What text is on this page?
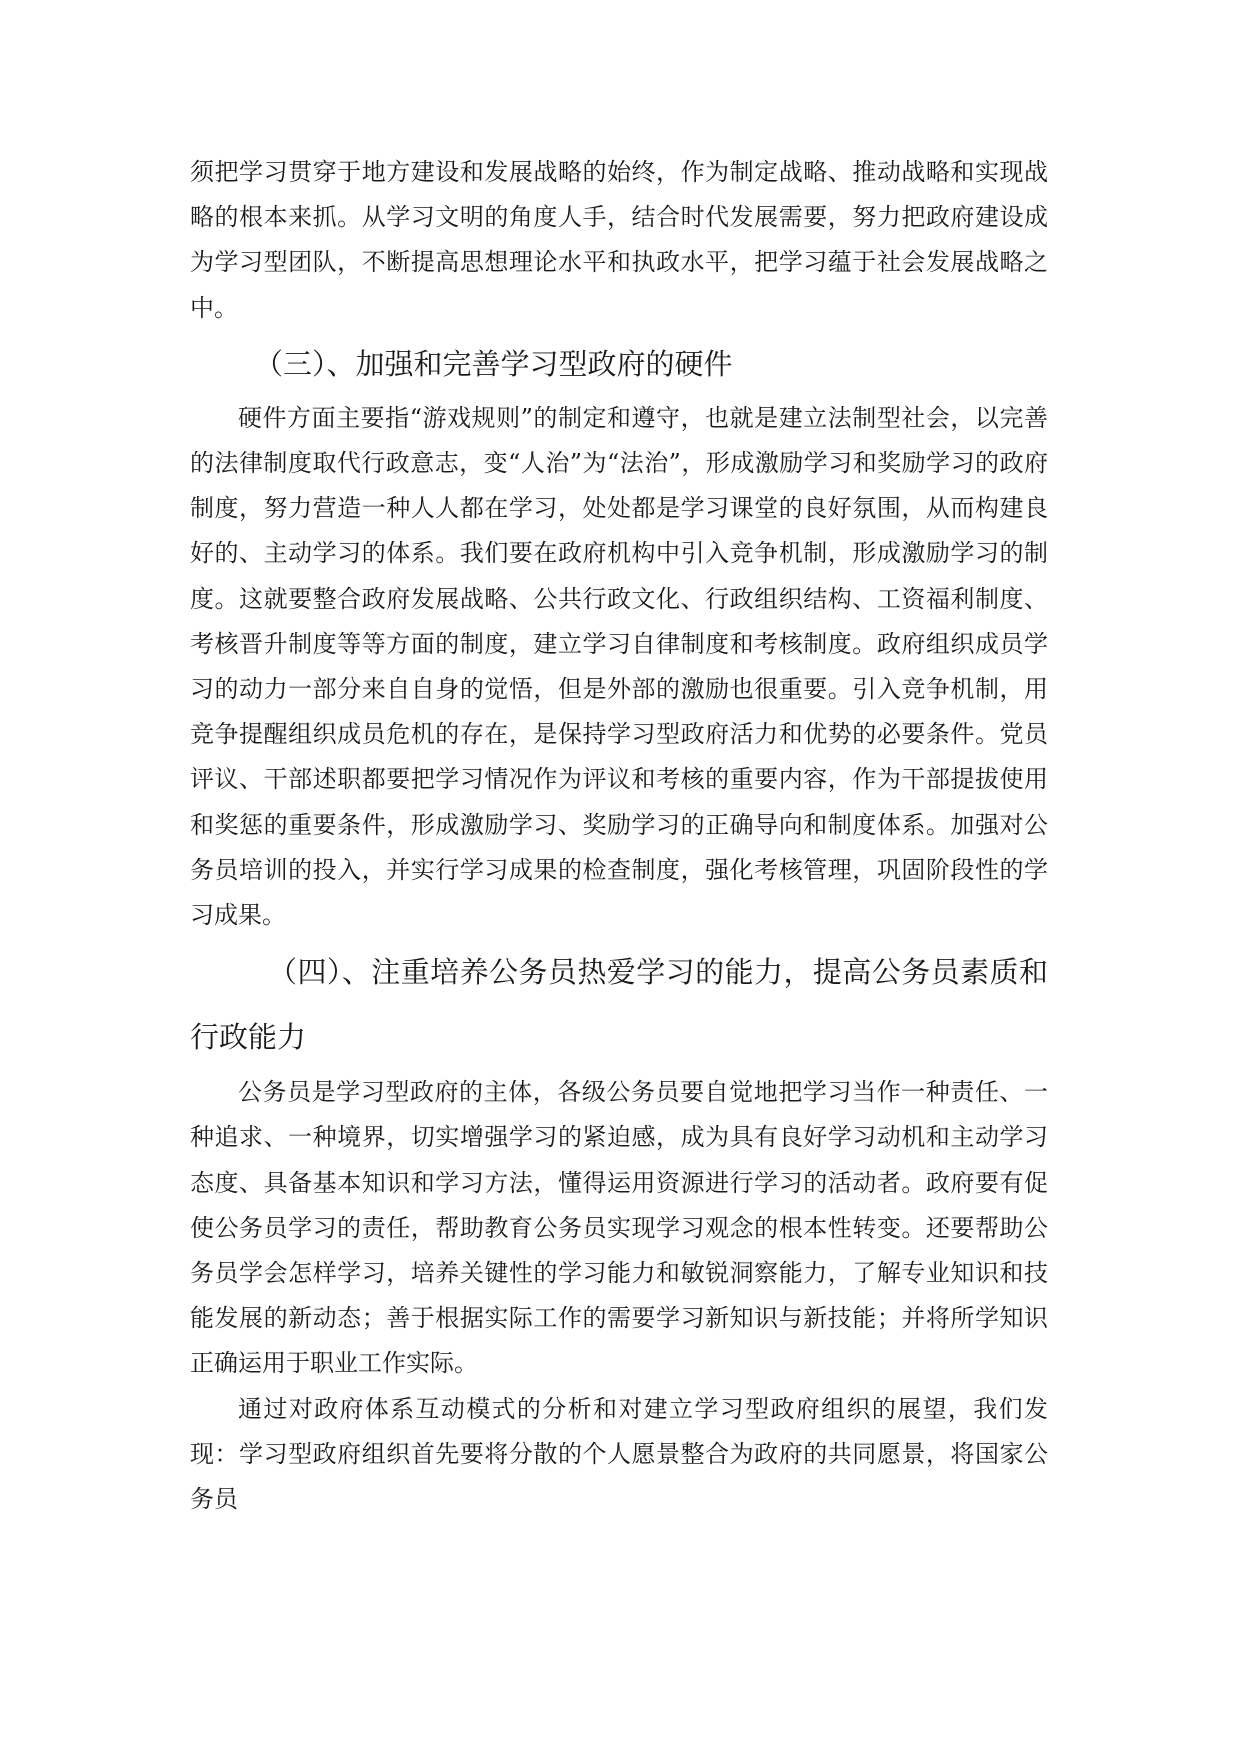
须把学习贯穿于地方建设和发展战略的始终，作为制定战略、推动战略和实现战略的根本来抓。从学习文明的角度人手，结合时代发展需要，努力把政府建设成为学习型团队，不断提高思想理论水平和执政水平，把学习蕴于社会发展战略之中。

（三）、加强和完善学习型政府的硬件

硬件方面主要指“游戏规则”的制定和遵守，也就是建立法制型社会，以完善的法律制度取代行政意志，变“人治”为“法治”，形成激励学习和奖励学习的政府制度，努力营造一种人人都在学习，处处都是学习课堂的良好氛围，从而构建良好的、主动学习的体系。我们要在政府机构中引入竞争机制，形成激励学习的制度。这就要整合政府发展战略、公共行政文化、行政组织结构、工资福利制度、考核晋升制度等等方面的制度，建立学习自律制度和考核制度。政府组织成员学习的动力一部分来自自身的觉悟，但是外部的激励也很重要。引入竞争机制，用竞争提醒组织成员危机的存在，是保持学习型政府活力和优势的必要条件。党员评议、干部述职都要把学习情况作为评议和考核的重要内容，作为干部提拔使用和奖惩的重要条件，形成激励学习、奖励学习的正确导向和制度体系。加强对公务员培训的投入，并实行学习成果的检查制度，强化考核管理，巩固阶段性的学习成果。

（四）、注重培养公务员热爱学习的能力，提高公务员素质和行政能力

公务员是学习型政府的主体，各级公务员要自觉地把学习当作一种责任、一种追求、一种境界，切实增强学习的紧迫感，成为具有良好学习动机和主动学习态度、具备基本知识和学习方法，懂得运用资源进行学习的活动者。政府要有促使公务员学习的责任，帮助教育公务员实现学习观念的根本性转变。还要帮助公务员学会怎样学习，培养关键性的学习能力和敏锐洞察能力，了解专业知识和技能发展的新动态；善于根据实际工作的需要学习新知识与新技能；并将所学知识正确运用于职业工作实际。

通过对政府体系互动模式的分析和对建立学习型政府组织的展望，我们发现：学习型政府组织首先要将分散的个人愿景整合为政府的共同愿景，将国家公务员
